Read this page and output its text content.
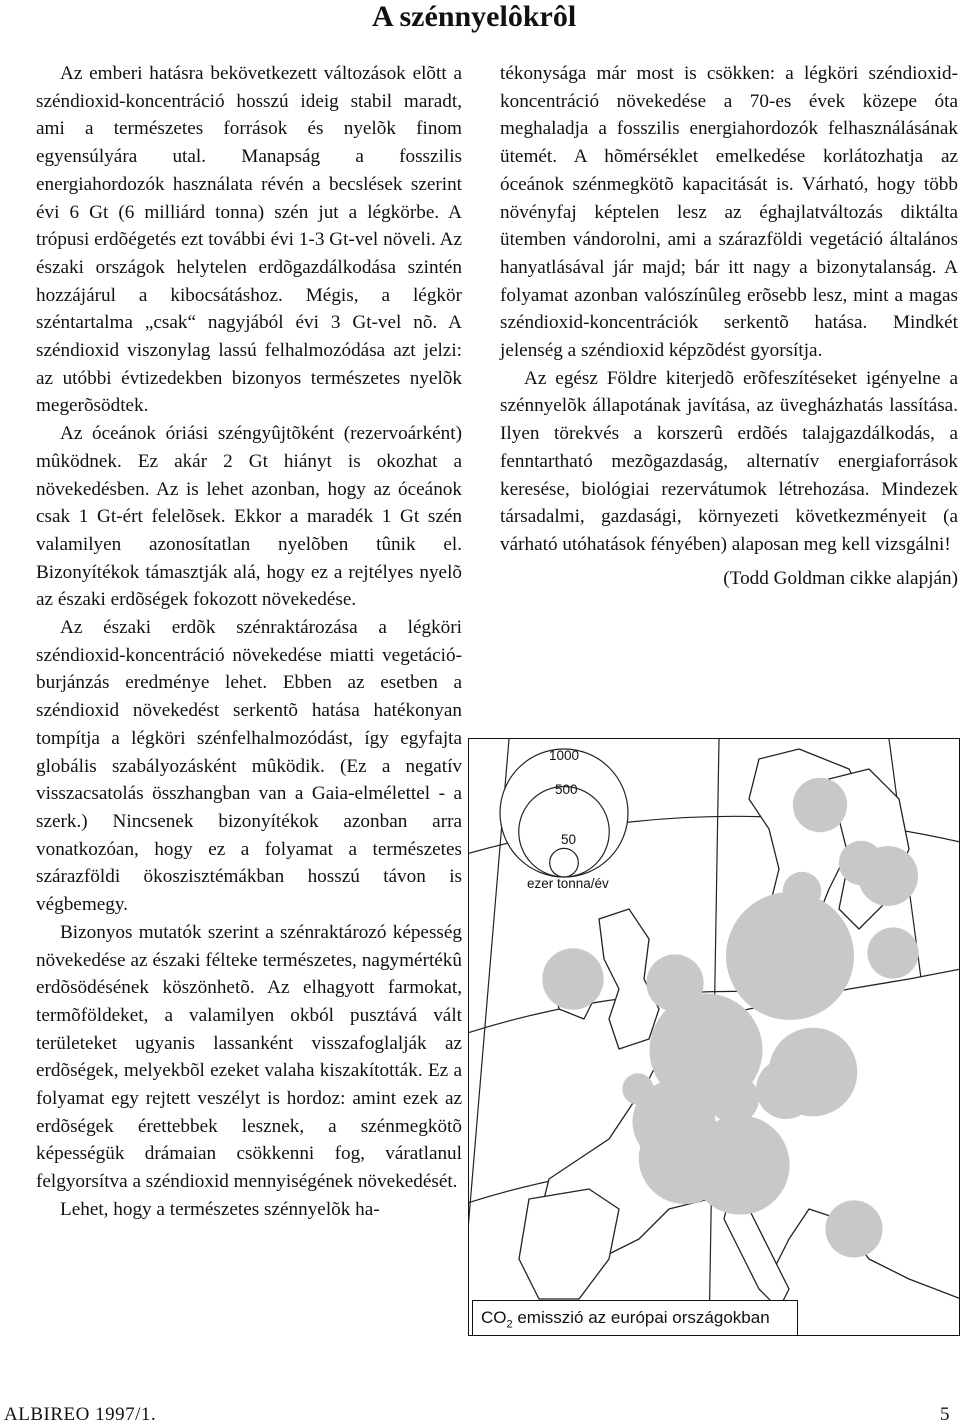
A szénnyelôkrôl

Az emberi hatásra bekövetkezett változások elõtt a széndioxid-koncentráció hosszú ideig stabil maradt, ami a természetes források és nyelõk finom egyensúlyára utal. Manapság a fosszilis energiahordozók használata révén a becslések szerint évi 6 Gt (6 milliárd tonna) szén jut a légkörbe. A trópusi erdõégetés ezt további évi 1-3 Gt-vel növeli. Az északi országok helytelen erdõgazdálkodása szintén hozzájárul a kibocsátáshoz. Mégis, a légkör széntartalma „csak“ nagyjából évi 3 Gt-vel nõ. A széndioxid viszonylag lassú felhalmozódása azt jelzi: az utóbbi évtizedekben bizonyos természetes nyelõk megerõsödtek.

Az óceánok óriási széngyûjtõként (rezervoárként) mûködnek. Ez akár 2 Gt hiányt is okozhat a növekedésben. Az is lehet azonban, hogy az óceánok csak 1 Gt-ért felelõsek. Ekkor a maradék 1 Gt szén valamilyen azonosítatlan nyelõben tûnik el. Bizonyítékok támasztják alá, hogy ez a rejtélyes nyelõ az északi erdõségek fokozott növekedése.

Az északi erdõk szénraktározása a légköri széndioxid-koncentráció növekedése miatti vegetáció-burjánzás eredménye lehet. Ebben az esetben a széndioxid növekedést serkentõ hatása hatékonyan tompítja a légköri szénfelhalmozódást, így egyfajta globális szabályozásként mûködik. (Ez a negatív visszacsatolás összhangban van a Gaia-elmélettel - a szerk.) Nincsenek bizonyítékok azonban arra vonatkozóan, hogy ez a folyamat a természetes szárazföldi ökoszisztémákban hosszú távon is végbemegy.

Bizonyos mutatók szerint a szénraktározó képesség növekedése az északi félteke természetes, nagymértékû erdõsödésének köszönhetõ. Az elhagyott farmokat, termõföldeket, a valamilyen okból pusztává vált területeket ugyanis lassanként visszafoglalják az erdõségek, melyekbõl ezeket valaha kiszakították. Ez a folyamat egy rejtett veszélyt is hordoz: amint ezek az erdõségek érettebbek lesznek, a szénmegkötõ képességük drámaian csökkenni fog, váratlanul felgyorsítva a széndioxid mennyiségének növekedését.

Lehet, hogy a természetes szénnyelõk ha-

tékonysága már most is csökken: a légköri széndioxid-koncentráció növekedése a 70-es évek közepe óta meghaladja a fosszilis energiahordozók felhasználásának ütemét. A hõmérséklet emelkedése korlátozhatja az óceánok szénmegkötõ kapacitását is. Várható, hogy több növényfaj képtelen lesz az éghajlatváltozás diktálta ütemben vándorolni, ami a szárazföldi vegetáció általános hanyatlásával jár majd; bár itt nagy a bizonytalanság. A folyamat azonban valószínûleg erõsebb lesz, mint a magas széndioxid-koncentrációk serkentõ hatása. Mindkét jelenség a széndioxid képzõdést gyorsítja.

Az egész Földre kiterjedõ erõfeszítéseket igényelne a szénnyelõk állapotának javítása, az üvegházhatás lassítása. Ilyen törekvés a korszerû erdõés talajgazdálkodás, a fenntartható mezõgazdaság, alternatív energiaforrások keresése, biológiai rezervátumok létrehozása. Mindezek társadalmi, gazdasági, környezeti következményeit (a várható utóhatások fényében) alaposan meg kell vizsgálni!

(Todd Goldman cikke alapján)

1000
500
50
ezer tonna/év
$CO_2$ emisszió az európai országokban
ALBIREO 1997/1.	5
